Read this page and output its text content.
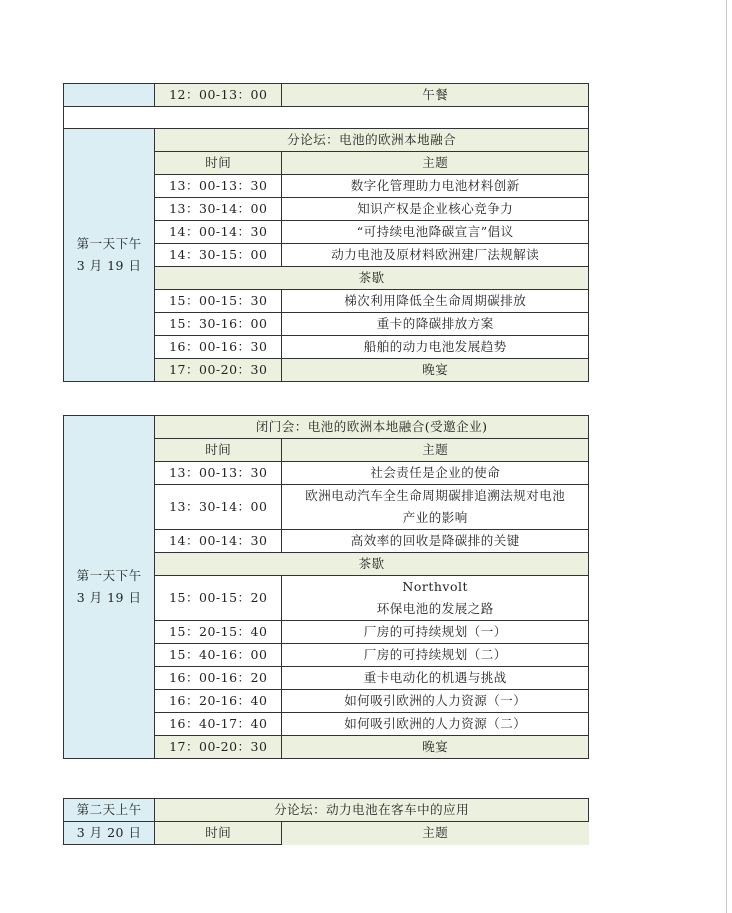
	12：00-13：00	午餐

第一天下午
3 月 19 日	分论坛：电池的欧洲本地融合	
	时间	主题
	13：00-13：30	数字化管理助力电池材料创新
	13：30-14：00	知识产权是企业核心竞争力
	14：00-14：30	“可持续电池降碳宣言”倡议
	14：30-15：00	动力电池及原材料欧洲建厂法规解读
	茶歇	
	15：00-15：30	梯次利用降低全生命周期碳排放
	15：30-16：00	重卡的降碳排放方案
	16：00-16：30	船舶的动力电池发展趋势
	17：00-20：30	晚宴
第一天下午
3 月 19 日	闭门会：电池的欧洲本地融合(受邀企业)	
	时间	主题
	13：00-13：30	社会责任是企业的使命
	13：30-14：00	欧洲电动汽车全生命周期碳排追溯法规对电池
产业的影响

	14：00-14：30	高效率的回收是降碳排的关键
	茶歇	
	15：00-15：20	Northvolt
环保电池的发展之路

	15：20-15：40	厂房的可持续规划（一）
	15：40-16：00	厂房的可持续规划（二）
	16：00-16：20	重卡电动化的机遇与挑战
	16：20-16：40	如何吸引欧洲的人力资源（一）
	16：40-17：40	如何吸引欧洲的人力资源（二）
	17：00-20：30	晚宴
第二天上午	分论坛：动力电池在客车中的应用	
3 月 20 日	时间	主题
